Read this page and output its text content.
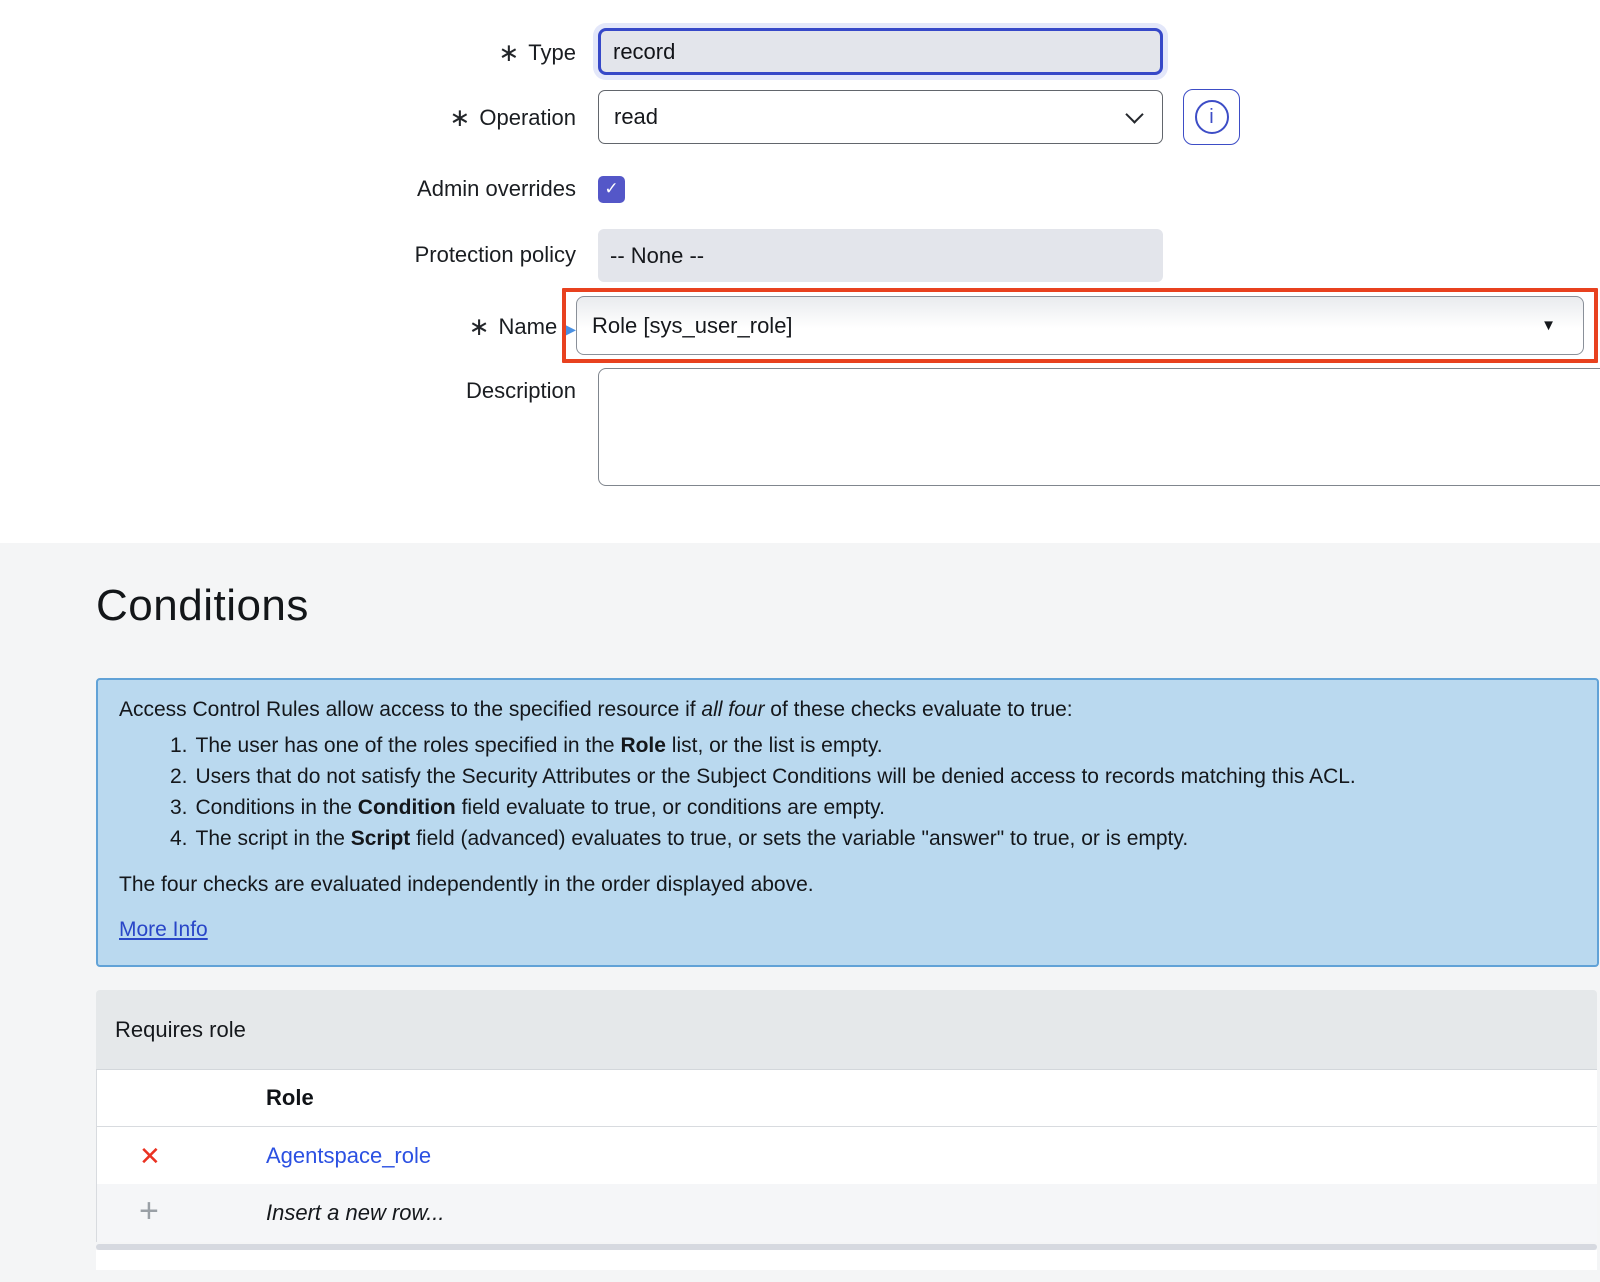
∗ Type record
∗ Operation read	i
Admin overrides ✓
Protection policy -- None --
∗ Name ▶ Role [sys_user_role]	▼
Description
Conditions

Access Control Rules allow access to the specified resource if all four of these checks evaluate to true:

1. The user has one of the roles specified in the Role list, or the list is empty.
2. Users that do not satisfy the Security Attributes or the Subject Conditions will be denied access to records matching this ACL.
3. Conditions in the Condition field evaluate to true, or conditions are empty.
4. The script in the Script field (advanced) evaluates to true, or sets the variable "answer" to true, or is empty.

The four checks are evaluated independently in the order displayed above.

More Info
Requires role
Role
✕	Agentspace_role
+	Insert a new row...
